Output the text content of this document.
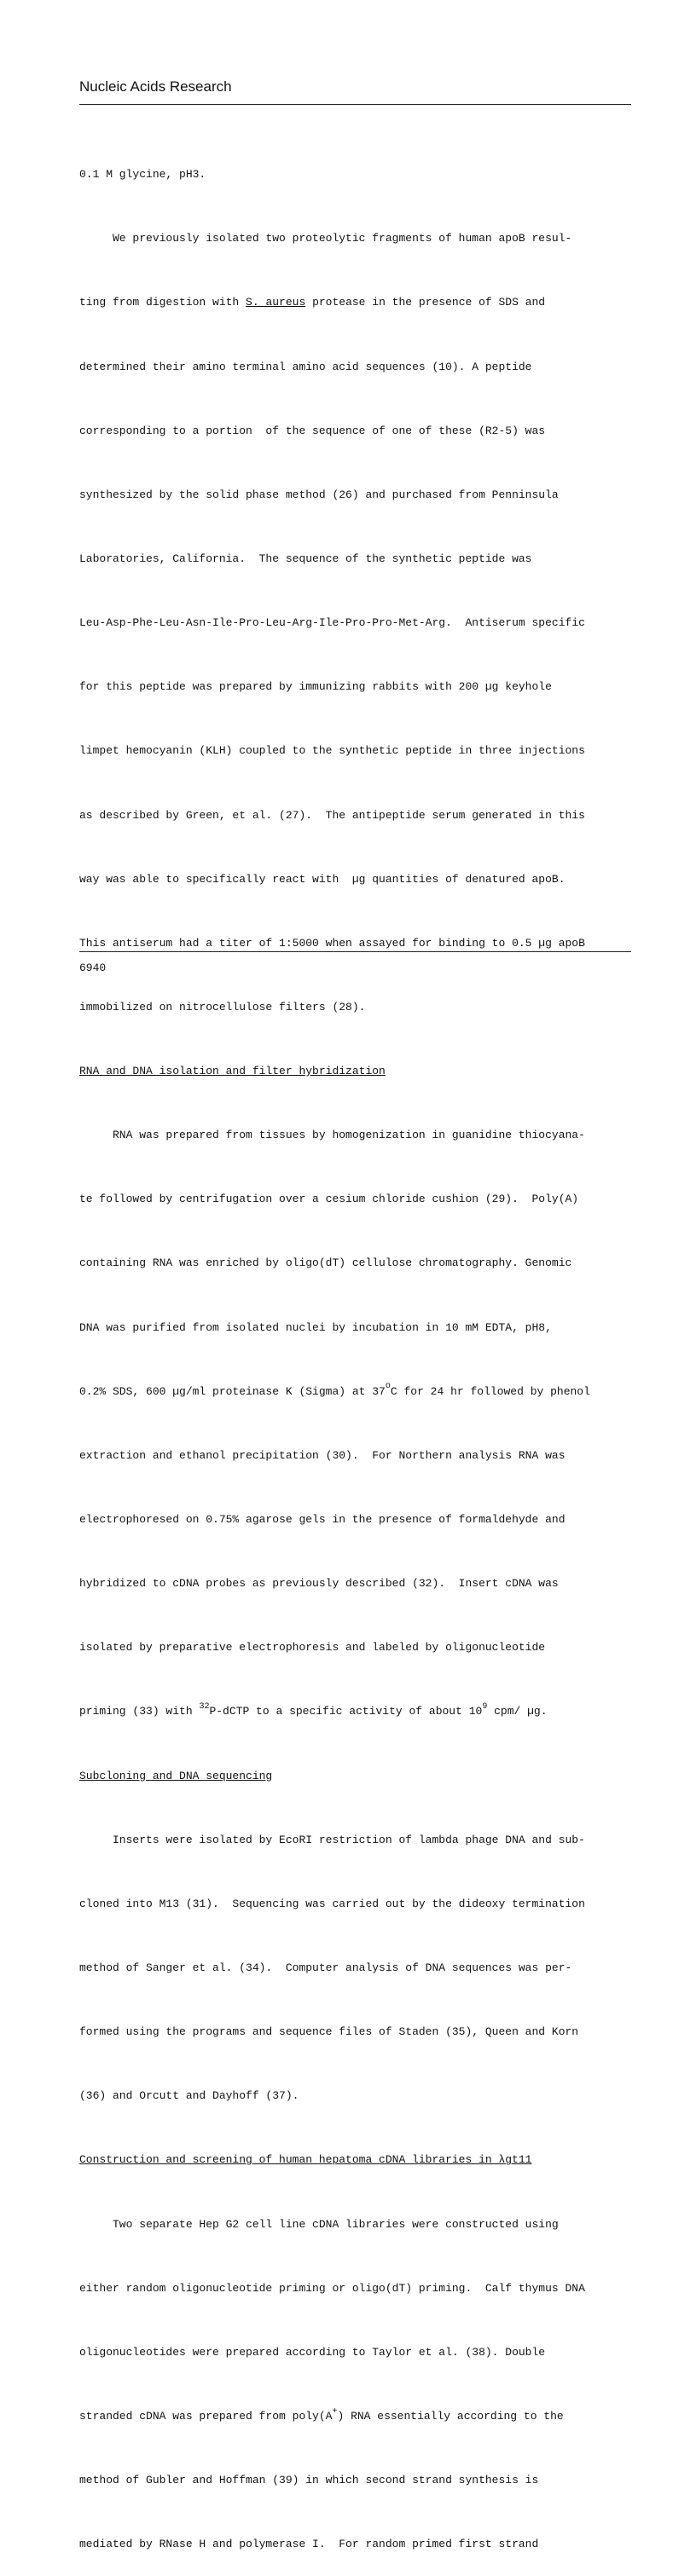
Nucleic Acids Research

0.1 M glycine, pH3.

We previously isolated two proteolytic fragments of human apoB resul-

ting from digestion with S. aureus protease in the presence of SDS and

determined their amino terminal amino acid sequences (10). A peptide

corresponding to a portion  of the sequence of one of these (R2-5) was

synthesized by the solid phase method (26) and purchased from Penninsula

Laboratories, California.  The sequence of the synthetic peptide was

Leu-Asp-Phe-Leu-Asn-Ile-Pro-Leu-Arg-Ile-Pro-Pro-Met-Arg.  Antiserum specific

for this peptide was prepared by immunizing rabbits with 200 µg keyhole

limpet hemocyanin (KLH) coupled to the synthetic peptide in three injections

as described by Green, et al. (27).  The antipeptide serum generated in this

way was able to specifically react with  µg quantities of denatured apoB.

This antiserum had a titer of 1:5000 when assayed for binding to 0.5 µg apoB

immobilized on nitrocellulose filters (28).

RNA and DNA isolation and filter hybridization

RNA was prepared from tissues by homogenization in guanidine thiocyana-

te followed by centrifugation over a cesium chloride cushion (29).  Poly(A)

containing RNA was enriched by oligo(dT) cellulose chromatography. Genomic

DNA was purified from isolated nuclei by incubation in 10 mM EDTA, pH8,

0.2% SDS, 600 µg/ml proteinase K (Sigma) at 37$^o$C for 24 hr followed by phenol

extraction and ethanol precipitation (30).  For Northern analysis RNA was

electrophoresed on 0.75% agarose gels in the presence of formaldehyde and

hybridized to cDNA probes as previously described (32).  Insert cDNA was

isolated by preparative electrophoresis and labeled by oligonucleotide

priming (33) with $^{32}$P-dCTP to a specific activity of about $10^9$ cpm/ µg.

Subcloning and DNA sequencing

Inserts were isolated by EcoRI restriction of lambda phage DNA and sub-

cloned into M13 (31).  Sequencing was carried out by the dideoxy termination

method of Sanger et al. (34).  Computer analysis of DNA sequences was per-

formed using the programs and sequence files of Staden (35), Queen and Korn

(36) and Orcutt and Dayhoff (37).

Construction and screening of human hepatoma cDNA libraries in λgt11

Two separate Hep G2 cell line cDNA libraries were constructed using

either random oligonucleotide priming or oligo(dT) priming.  Calf thymus DNA

oligonucleotides were prepared according to Taylor et al. (38). Double

stranded cDNA was prepared from poly(A+) RNA essentially according to the

method of Gubler and Hoffman (39) in which second strand synthesis is

mediated by RNase H and polymerase I.  For random primed first strand

6940
